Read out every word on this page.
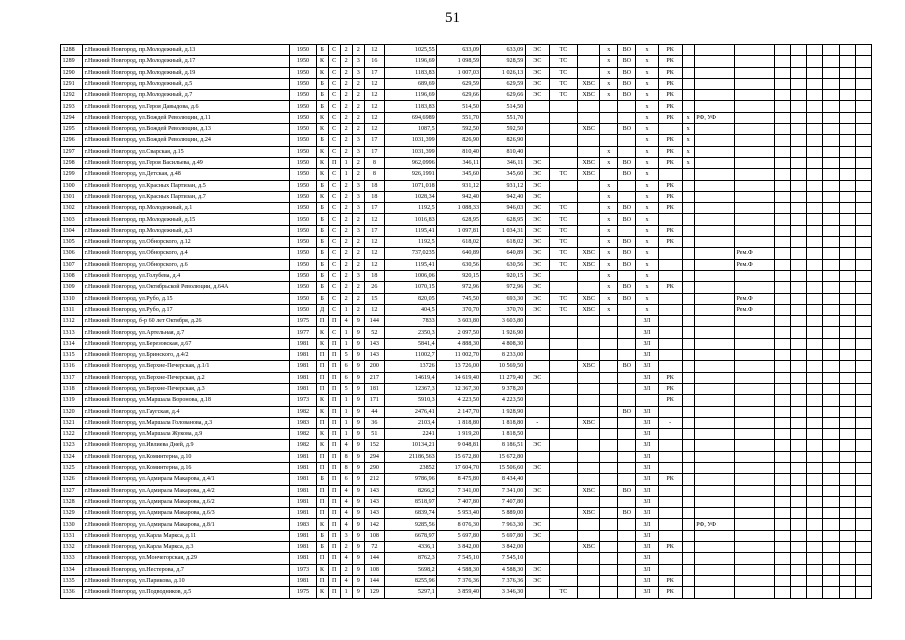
51
1288	г.Нижний Новгород, пр.Молодежный, д.13	1950	Б	С	2	2	12	1025,55	633,09	633,09	ЭС	ТС		х	ВО	х	РК									
1289	г.Нижний Новгород, пр.Молодежный, д.17	1950	К	С	2	3	16	1196,69	1 098,59	928,59	ЭС	ТС		х	ВО	х	РК									
1290	г.Нижний Новгород, пр.Молодежный, д.19	1950	К	С	2	3	17	1183,83	1 007,03	1 026,13	ЭС	ТС		х	ВО	х	РК									
1291	г.Нижний Новгород, пр.Молодежный, д.5	1950	Б	С	2	2	12	689,69	629,59	629,59	ЭС	ТС	ХВС	х	ВО	х	РК									
1292	г.Нижний Новгород, пр.Молодежный, д.7	1950	Б	С	2	2	12	1196,69	629,66	629,66	ЭС	ТС	ХВС	х	ВО	х	РК									
1293	г.Нижний Новгород, ул.Героя Давыдова, д.6	1950	Б	С	2	2	12	1183,83	514,50	514,50						х	РК									
1294	г.Нижний Новгород, ул.Вождей Революции, д.11	1950	К	С	2	2	12	694,6989	551,70	551,70						х	РК	х	РФ, УФ							
1295	г.Нижний Новгород, ул.Вождей Революции, д.13	1950	К	С	2	2	12	1087,5	592,50	592,50			ХВС		ВО	х		х								
1296	г.Нижний Новгород, ул.Вождей Революции, д.24	1950	Б	С	2	3	17	1031,399	826,90	826,90						х	РК	х								
1297	г.Нижний Новгород, ул.Сварская, д.15	1950	К	С	2	3	17	1031,399	810,40	810,40				х		х	РК	х								
1298	г.Нижний Новгород, ул.Героя Васильева, д.49	1950	К	П	1	2	8	962,0996	346,11	346,11	ЭС		ХВС	х	ВО	х	РК	х								
1299	г.Нижний Новгород, ул.Детская, д.48	1950	К	С	1	2	8	926,1991	345,60	345,60	ЭС	ТС	ХВС		ВО	х										
1300	г.Нижний Новгород, ул.Красных Партизан, д.5	1950	Б	С	2	3	18	1071,018	931,12	931,12	ЭС			х		х	РК									
1301	г.Нижний Новгород, ул.Красных Партизан, д.7	1950	К	С	2	3	18	1028,34	942,40	942,40	ЭС			х		х	РК									
1302	г.Нижний Новгород, пр.Молодежный, д.1	1950	Б	С	2	3	17	1192,5	1 088,33	946,03	ЭС	ТС		х	ВО	х	РК									
1303	г.Нижний Новгород, пр.Молодежный, д.15	1950	Б	С	2	2	12	1016,83	628,95	628,95	ЭС	ТС		х	ВО	х										
1304	г.Нижний Новгород, пр.Молодежный, д.3	1950	Б	С	2	3	17	1195,41	1 097,81	1 034,31	ЭС	ТС		х		х	РК									
1305	г.Нижний Новгород, ул.Обнорского, д.12	1950	Б	С	2	2	12	1192,5	618,02	618,02	ЭС	ТС		х	ВО	х	РК									
1306	г.Нижний Новгород, ул.Обнорского, д.4	1950	Б	С	2	2	12	737,0235	640,89	640,89	ЭС	ТС	ХВС	х	ВО	х				Рем.Ф						
1307	г.Нижний Новгород, ул.Обнорского, д.6	1950	Б	С	2	2	12	1195,41	630,56	630,56	ЭС	ТС	ХВС	х	ВО	х				Рем.Ф						
1308	г.Нижний Новгород, ул.Голубева, д.4	1950	Б	С	2	3	18	1006,06	920,15	920,15	ЭС			х		х										
1309	г.Нижний Новгород, ул.Октябрьской Революции, д.64А	1950	Б	С	2	2	26	1070,15	972,96	972,96	ЭС			х	ВО	х	РК									
1310	г.Нижний Новгород, ул.Рубо, д.15	1950	Б	С	2	2	15	820,05	745,50	693,30	ЭС	ТС	ХВС	х	ВО	х				Рем.Ф						
1311	г.Нижний Новгород, ул.Рубо, д.17	1950	Д	С	1	2	12	404,5	370,70	370,70	ЭС	ТС	ХВС	х		х				Рем.Ф						
1312	г.Нижний Новгород, б-р 60 лет Октября, д.26	1975	П	П	4	9	144	7833	3 603,80	3 603,80						ЗЛ										
1313	г.Нижний Новгород, ул.Артельная, д.7	1977	К	С	1	9	52	2350,3	2 097,50	1 926,90						ЗЛ										
1314	г.Нижний Новгород, ул.Березовская, д.67	1981	К	П	1	9	143	5841,4	4 888,30	4 808,30						ЗЛ										
1315	г.Нижний Новгород, ул.Бринского, д.4/2	1981	П	П	5	9	143	11002,7	11 002,70	8 233,00						ЗЛ										
1316	г.Нижний Новгород, ул.Верхне-Печерская, д.1/1	1981	П	П	6	9	200	13726	13 726,00	10 569,50			ХВС		ВО	ЗЛ										
1317	г.Нижний Новгород, ул.Верхне-Печерская, д.2	1981	П	П	6	9	217	14619,4	14 619,40	11 279,40	ЭС					ЗЛ	РК									
1318	г.Нижний Новгород, ул.Верхне-Печерская, д.3	1981	П	П	5	9	181	12367,3	12 367,30	9 378,20						ЗЛ	РК									
1319	г.Нижний Новгород, ул.Маршала Воронова, д.18	1973	К	П	1	9	171	5910,3	4 223,50	4 223,50							РК									
1320	г.Нижний Новгород, ул.Гаугская, д.4	1982	К	П	1	9	44	2476,41	2 147,70	1 928,90					ВО	ЗЛ										
1321	г.Нижний Новгород, ул.Маршала Голованова, д.3	1983	П	П	1	9	36	2103,4	1 818,80	1 818,80	-		ХВС			ЗЛ	-									
1322	г.Нижний Новгород, ул.Маршала Жукова, д.9	1982	К	П	1	9	51	2241	1 919,20	1 818,50						ЗЛ										
1323	г.Нижний Новгород, ул.Ивлиева Дней, д.9	1982	К	П	4	9	152	10134,21	9 048,81	8 186,51	ЭС					ЗЛ										
1324	г.Нижний Новгород, ул.Коминтерна, д.10	1981	П	П	8	9	294	21186,563	15 672,80	15 672,80						ЗЛ										
1325	г.Нижний Новгород, ул.Коминтерна, д.16	1981	П	П	8	9	290	23852	17 604,70	15 506,60	ЭС					ЗЛ										
1326	г.Нижний Новгород, ул.Адмирала Макарова, д.4/1	1981	Б	П	6	9	212	9786,96	8 475,80	8 434,40						ЗЛ	РК									
1327	г.Нижний Новгород, ул.Адмирала Макарова, д.4/2	1981	П	П	4	9	143	8266,2	7 341,00	7 341,00	ЭС		ХВС		ВО	ЗЛ										
1328	г.Нижний Новгород, ул.Адмирала Макарова, д.6/2	1981	П	П	4	9	143	8518,97	7 407,80	7 407,80						ЗЛ										
1329	г.Нижний Новгород, ул.Адмирала Макарова, д.6/3	1981	П	П	4	9	143	6839,74	5 953,40	5 889,00			ХВС		ВО	ЗЛ										
1330	г.Нижний Новгород, ул.Адмирала Макарова, д.8/1	1983	К	П	4	9	142	9285,56	8 076,30	7 963,30	ЭС					ЗЛ			РФ, УФ							
1331	г.Нижний Новгород, ул.Карла Маркса, д.11	1981	Б	П	3	9	108	6678,97	5 697,80	5 697,80	ЭС					ЗЛ										
1332	г.Нижний Новгород, ул.Карла Маркса, д.3	1981	Б	П	2	9	72	4336,1	3 842,00	3 842,00			ХВС			ЗЛ	РК									
1333	г.Нижний Новгород, ул.Мончегорская, д.29	1981	П	П	4	9	144	8762,3	7 545,10	7 545,10						ЗЛ										
1334	г.Нижний Новгород, ул.Нестерова, д.7	1973	К	П	2	9	108	5698,2	4 588,30	4 588,30	ЭС					ЗЛ										
1335	г.Нижний Новгород, ул.Парикова, д.10	1981	П	П	4	9	144	8255,96	7 376,36	7 376,36	ЭС					ЗЛ	РК									
1336	г.Нижний Новгород, ул.Подводников, д.5	1975	К	П	1	9	129	5297,1	3 859,40	3 346,30		ТС				ЗЛ	РК									
